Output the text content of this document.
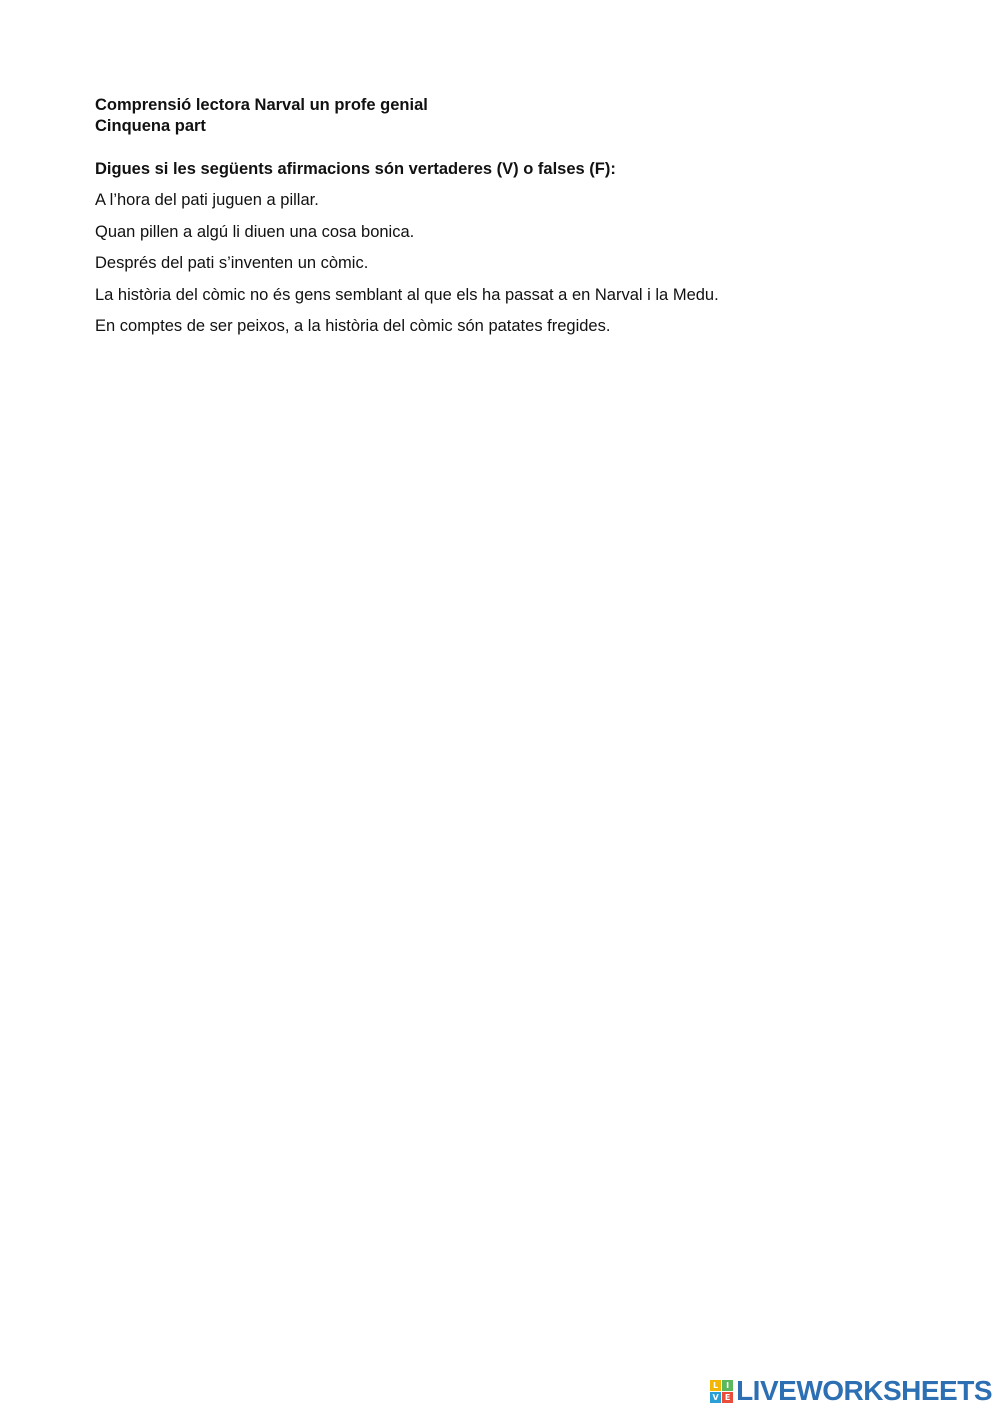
Comprensió lectora Narval un profe genial
Cinquena part
Digues si les següents afirmacions són vertaderes (V) o falses (F):
A l’hora del pati juguen a pillar.
Quan pillen a algú li diuen una cosa bonica.
Després del pati s’inventen un còmic.
La història del còmic no és gens semblant al que els ha passat a en Narval i la Medu.
En comptes de ser peixos, a la història del còmic són patates fregides.
L I
V E LIVEWORKSHEETS
